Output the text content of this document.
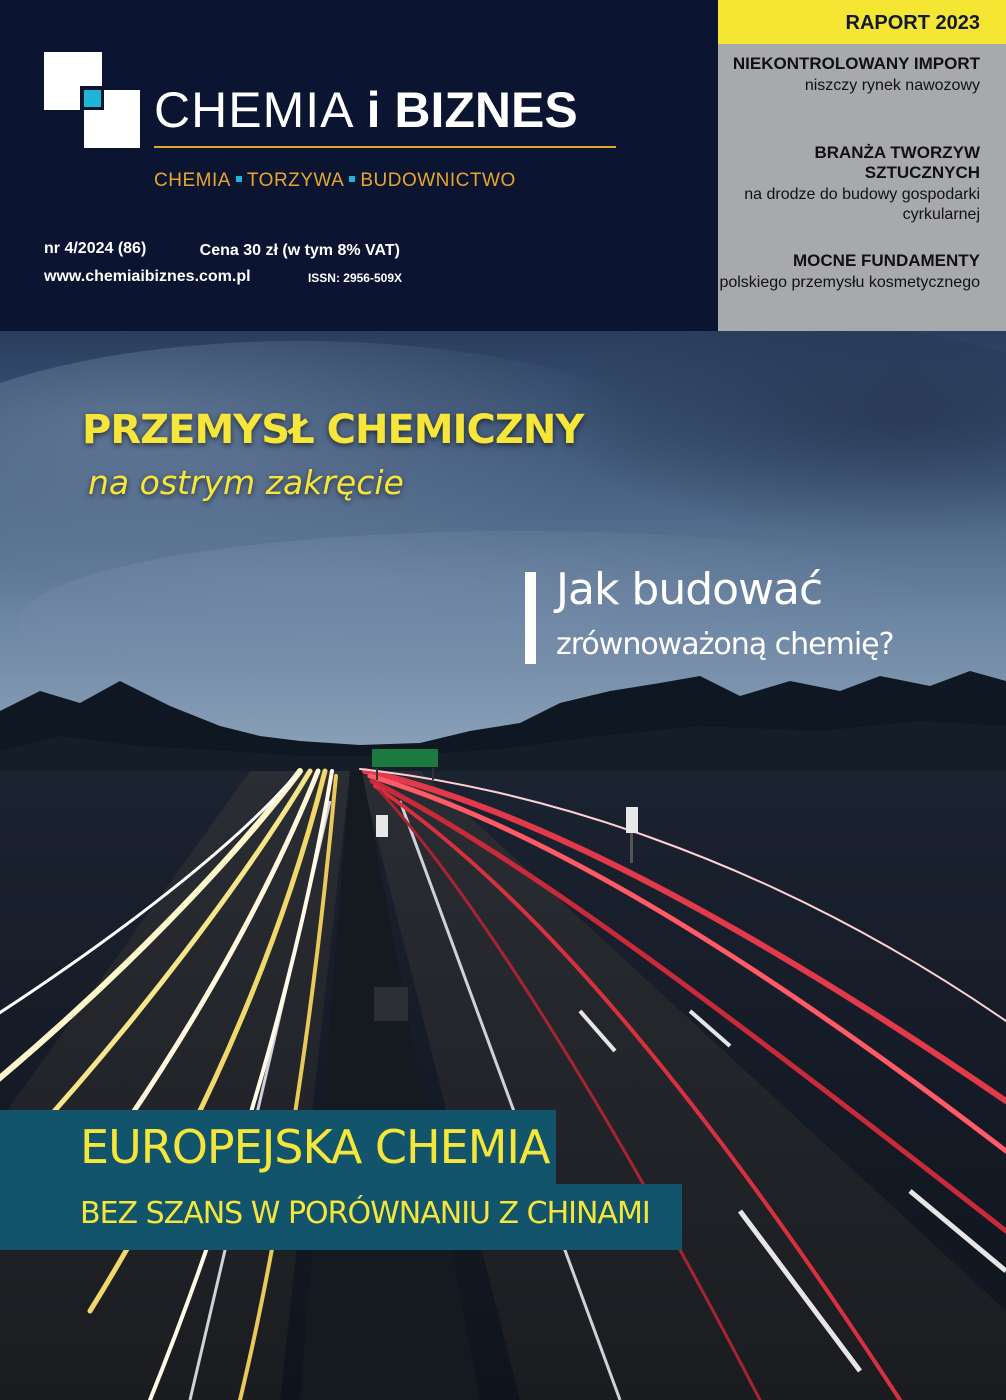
CHEMIA i BIZNES
CHEMIA TORZYWA BUDOWNICTWO
nr 4/2024 (86)
www.chemiaibiznes.com.pl
Cena 30 zł (w tym 8% VAT)
ISSN: 2956-509X
RAPORT 2023
NIEKONTROLOWANY IMPORT
niszczy rynek nawozowy
BRANŻA TWORZYW SZTUCZNYCH
na drodze do budowy gospodarki cyrkularnej
MOCNE FUNDAMENTY
polskiego przemysłu kosmetycznego
PRZEMYSŁ CHEMICZNY
na ostrym zakręcie
Jak budować
zrównoważoną chemię?
EUROPEJSKA CHEMIA
BEZ SZANS W PORÓWNANIU Z CHINAMI
